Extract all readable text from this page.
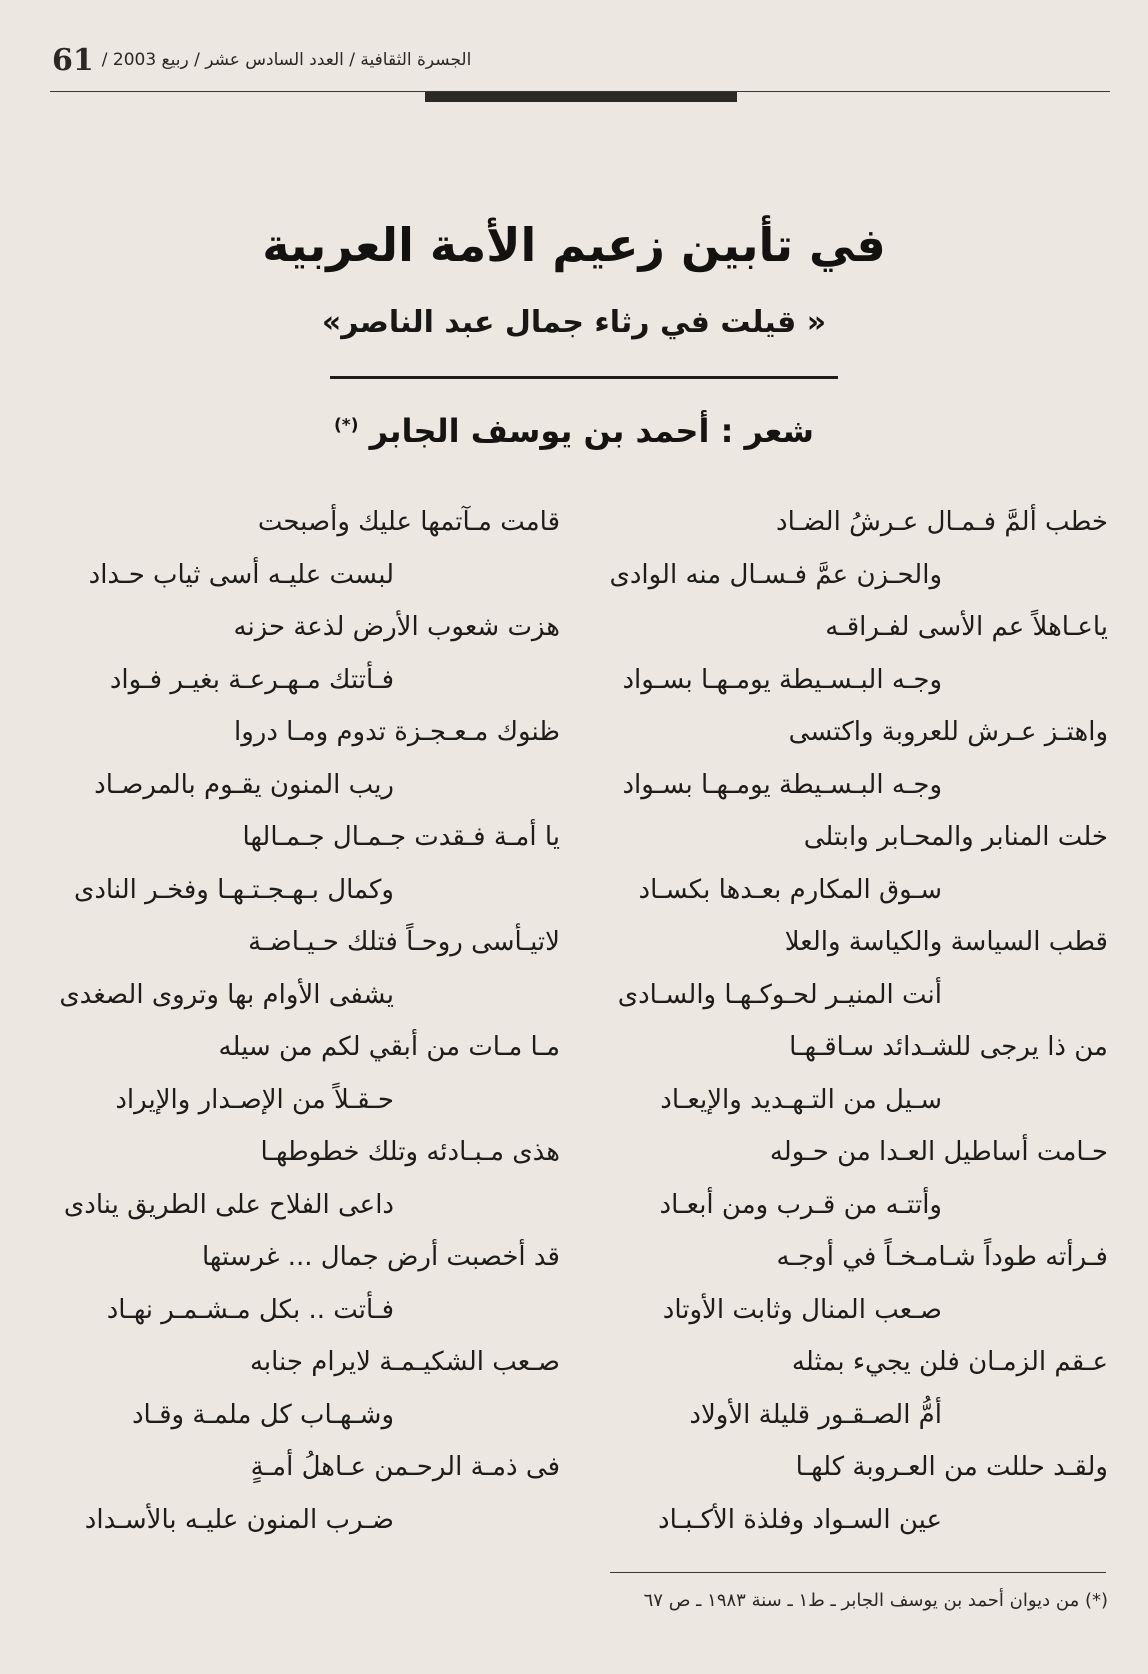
61 الجسرة الثقافية / العدد السادس عشر / ربيع 2003 /
في تأبين زعيم الأمة العربية
« قيلت في رثاء جمال عبد الناصر»
شعر : أحمد بن يوسف الجابر (*)
خطب ألمَّ فـمـال عـرشُ الضـاد
والحـزن عمَّ فـسـال منه الوادى
ياعـاهلاً عم الأسى لفـراقـه
وجـه البـسـيطة يومـهـا بسـواد
واهتـز عـرش للعروبة واكتسى
وجـه البـسـيطة يومـهـا بسـواد
خلت المنابر والمحـابر وابتلى
سـوق المكارم بعـدها بكسـاد
قطب السياسة والكياسة والعلا
أنت المنيـر لحـوكـهـا والسـادى
من ذا يرجى للشـدائد سـاقـهـا
سـيل من التـهـديد والإيعـاد
حـامت أساطيل العـدا من حـوله
وأتتـه من قـرب ومن أبعـاد
فـرأته طوداً شـامـخـاً في أوجـه
صـعب المنال وثابت الأوتاد
عـقم الزمـان فلن يجيء بمثله
أمُّ الصـقـور قليلة الأولاد
ولقـد حللت من العـروبة كلهـا
عين السـواد وفلذة الأكـبـاد
قامت مـآتمها عليك وأصبحت
لبست عليـه أسى ثياب حـداد
هزت شعوب الأرض لذعة حزنه
فـأتتك مـهـرعـة بغيـر فـواد
ظنوك مـعـجـزة تدوم ومـا دروا
ريب المنون يقـوم بالمرصـاد
يا أمـة فـقدت جـمـال جـمـالها
وكمال بـهـجـتـهـا وفخـر النادى
لاتيـأسى روحـاً فتلك حـيـاضـة
يشفى الأوام بها وتروى الصغدى
مـا مـات من أبقي لكم من سيله
حـقـلاً من الإصـدار والإيراد
هذى مـبـادئه وتلك خطوطهـا
داعى الفلاح على الطريق ينادى
قد أخصبت أرض جمال ... غرستها
فـأتت .. بكل مـشـمـر نهـاد
صـعب الشكيـمـة لايرام جنابه
وشـهـاب كل ملمـة وقـاد
فى ذمـة الرحـمن عـاهلُ أمـةٍ
ضـرب المنون عليـه بالأسـداد
(*) من ديوان أحمد بن يوسف الجابر ـ ط١ ـ سنة ١٩٨٣ ـ ص ٦٧
